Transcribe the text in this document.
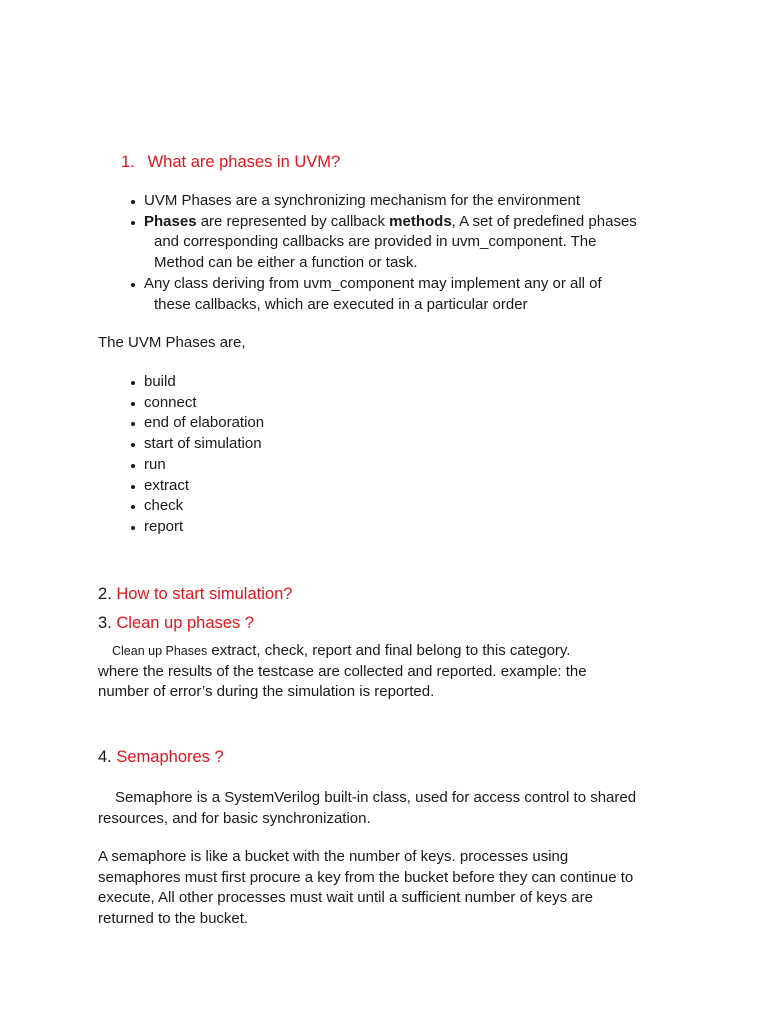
1. What are phases in UVM?
UVM Phases are a synchronizing mechanism for the environment
Phases are represented by callback methods, A set of predefined phases
and corresponding callbacks are provided in uvm_component. The
Method can be either a function or task.
Any class deriving from uvm_component may implement any or all of
these callbacks, which are executed in a particular order
The UVM Phases are,
build
connect
end of elaboration
start of simulation
run
extract
check
report
2. How to start simulation?
3. Clean up phases ?
Clean up Phases extract, check, report and final belong to this category.
where the results of the testcase are collected and reported. example: the
number of error’s during the simulation is reported.
4. Semaphores ?
Semaphore is a SystemVerilog built-in class, used for access control to shared
resources, and for basic synchronization.
A semaphore is like a bucket with the number of keys. processes using
semaphores must first procure a key from the bucket before they can continue to
execute, All other processes must wait until a sufficient number of keys are
returned to the bucket.
